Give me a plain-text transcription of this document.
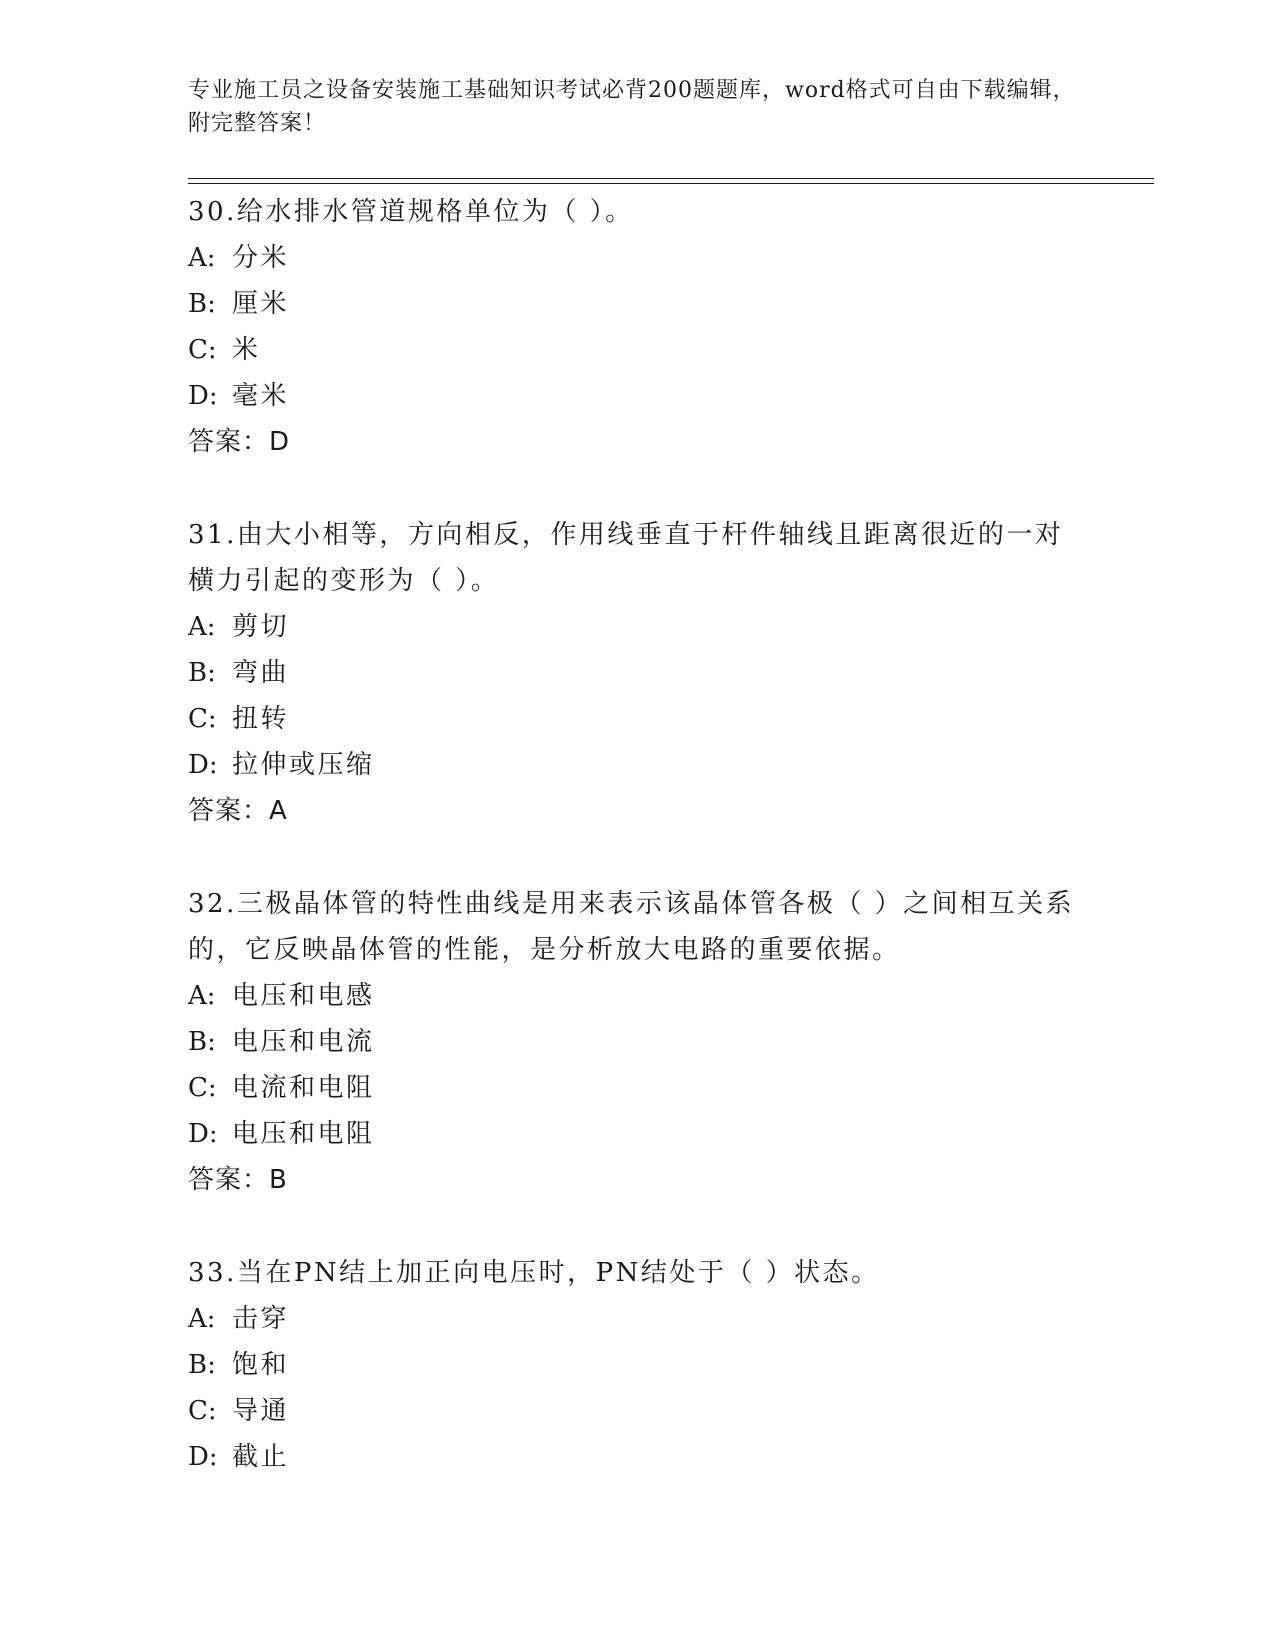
专业施工员之设备安装施工基础知识考试必背200题题库，word格式可自由下载编辑，附完整答案！
30.给水排水管道规格单位为（ ）。
A: 分米
B: 厘米
C: 米
D: 毫米
答案：D
31.由大小相等，方向相反，作用线垂直于杆件轴线且距离很近的一对横力引起的变形为（ ）。
A: 剪切
B: 弯曲
C: 扭转
D: 拉伸或压缩
答案：A
32.三极晶体管的特性曲线是用来表示该晶体管各极（ ）之间相互关系的，它反映晶体管的性能，是分析放大电路的重要依据。
A: 电压和电感
B: 电压和电流
C: 电流和电阻
D: 电压和电阻
答案：B
33.当在PN结上加正向电压时，PN结处于（ ）状态。
A: 击穿
B: 饱和
C: 导通
D: 截止
